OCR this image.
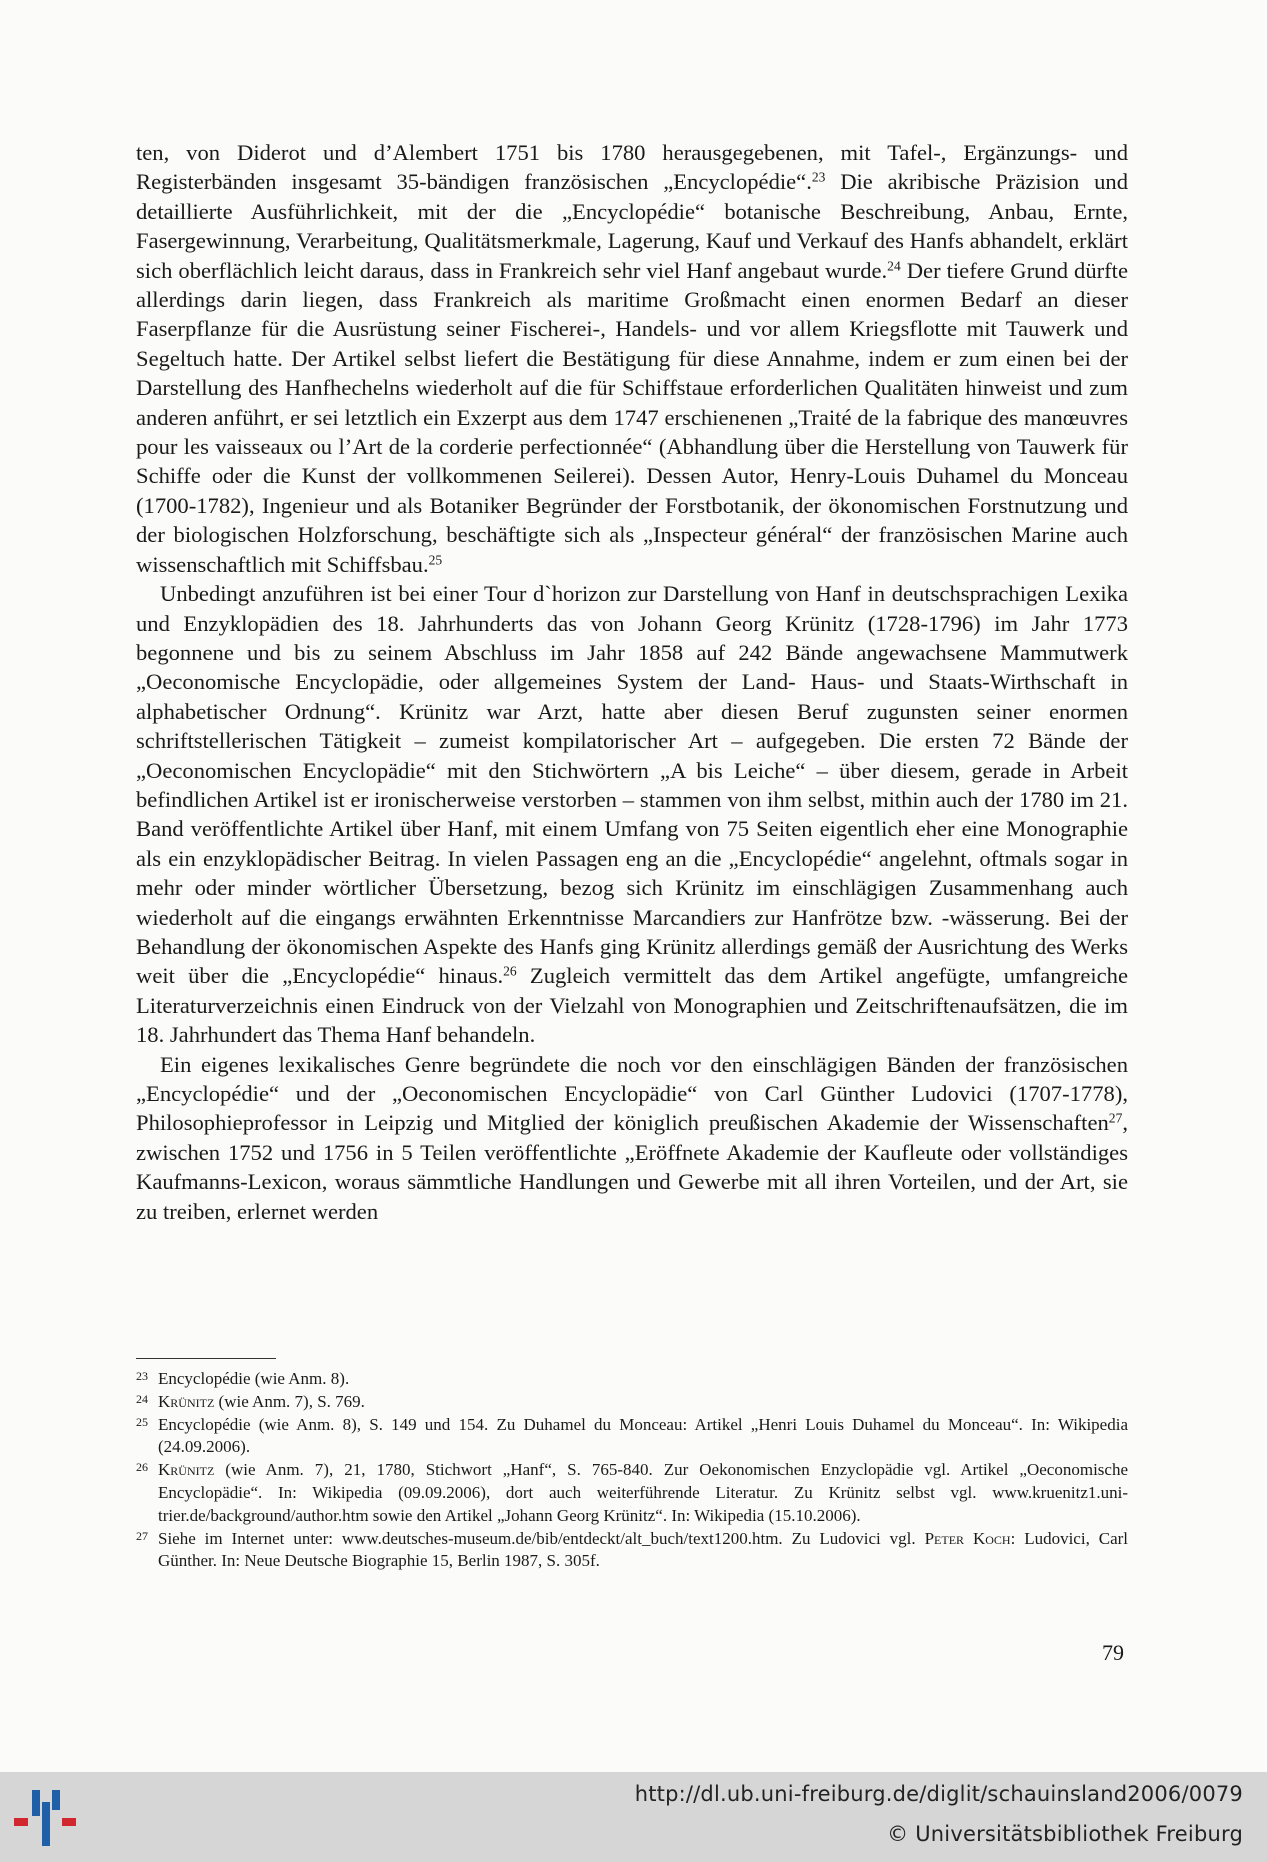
ten, von Diderot und d’Alembert 1751 bis 1780 herausgegebenen, mit Tafel-, Ergänzungs- und Registerbänden insgesamt 35-bändigen französischen „Encyclopédie“.$^{23}$ Die akribische Präzision und detaillierte Ausführlichkeit, mit der die „Encyclopédie“ botanische Beschreibung, Anbau, Ernte, Fasergewinnung, Verarbeitung, Qualitätsmerkmale, Lagerung, Kauf und Verkauf des Hanfs abhandelt, erklärt sich oberflächlich leicht daraus, dass in Frankreich sehr viel Hanf angebaut wurde.$^{24}$ Der tiefere Grund dürfte allerdings darin liegen, dass Frankreich als maritime Großmacht einen enormen Bedarf an dieser Faserpflanze für die Ausrüstung seiner Fischerei-, Handels- und vor allem Kriegsflotte mit Tauwerk und Segeltuch hatte. Der Artikel selbst liefert die Bestätigung für diese Annahme, indem er zum einen bei der Darstellung des Hanfhechelns wiederholt auf die für Schiffstaue erforderlichen Qualitäten hinweist und zum anderen anführt, er sei letztlich ein Exzerpt aus dem 1747 erschienenen „Traité de la fabrique des manœuvres pour les vaisseaux ou l’Art de la corderie perfectionnée“ (Abhandlung über die Herstellung von Tauwerk für Schiffe oder die Kunst der vollkommenen Seilerei). Dessen Autor, Henry-Louis Duhamel du Monceau (1700-1782), Ingenieur und als Botaniker Begründer der Forstbotanik, der ökonomischen Forstnutzung und der biologischen Holzforschung, beschäftigte sich als „Inspecteur général“ der französischen Marine auch wissenschaftlich mit Schiffsbau.$^{25}$

Unbedingt anzuführen ist bei einer Tour d`horizon zur Darstellung von Hanf in deutschsprachigen Lexika und Enzyklopädien des 18. Jahrhunderts das von Johann Georg Krünitz (1728-1796) im Jahr 1773 begonnene und bis zu seinem Abschluss im Jahr 1858 auf 242 Bände angewachsene Mammutwerk „Oeconomische Encyclopädie, oder allgemeines System der Land- Haus- und Staats-Wirthschaft in alphabetischer Ordnung“. Krünitz war Arzt, hatte aber diesen Beruf zugunsten seiner enormen schriftstellerischen Tätigkeit – zumeist kompilatorischer Art – aufgegeben. Die ersten 72 Bände der „Oeconomischen Encyclopädie“ mit den Stichwörtern „A bis Leiche“ – über diesem, gerade in Arbeit befindlichen Artikel ist er ironischerweise verstorben – stammen von ihm selbst, mithin auch der 1780 im 21. Band veröffentlichte Artikel über Hanf, mit einem Umfang von 75 Seiten eigentlich eher eine Monographie als ein enzyklopädischer Beitrag. In vielen Passagen eng an die „Encyclopédie“ angelehnt, oftmals sogar in mehr oder minder wörtlicher Übersetzung, bezog sich Krünitz im einschlägigen Zusammenhang auch wiederholt auf die eingangs erwähnten Erkenntnisse Marcandiers zur Hanfrötze bzw. -wässerung. Bei der Behandlung der ökonomischen Aspekte des Hanfs ging Krünitz allerdings gemäß der Ausrichtung des Werks weit über die „Encyclopédie“ hinaus.$^{26}$ Zugleich vermittelt das dem Artikel angefügte, umfangreiche Literaturverzeichnis einen Eindruck von der Vielzahl von Monographien und Zeitschriftenaufsätzen, die im 18. Jahrhundert das Thema Hanf behandeln.

Ein eigenes lexikalisches Genre begründete die noch vor den einschlägigen Bänden der französischen „Encyclopédie“ und der „Oeconomischen Encyclopädie“ von Carl Günther Ludovici (1707-1778), Philosophieprofessor in Leipzig und Mitglied der königlich preußischen Akademie der Wissenschaften$^{27}$, zwischen 1752 und 1756 in 5 Teilen veröffentlichte „Eröffnete Akademie der Kaufleute oder vollständiges Kaufmanns-Lexicon, woraus sämmtliche Handlungen und Gewerbe mit all ihren Vorteilen, und der Art, sie zu treiben, erlernet werden

23 Encyclopédie (wie Anm. 8).
24 Krünitz (wie Anm. 7), S. 769.
25 Encyclopédie (wie Anm. 8), S. 149 und 154. Zu Duhamel du Monceau: Artikel „Henri Louis Duhamel du Monceau“. In: Wikipedia (24.09.2006).
26 Krünitz (wie Anm. 7), 21, 1780, Stichwort „Hanf“, S. 765-840. Zur Oekonomischen Enzyclopädie vgl. Artikel „Oeconomische Encyclopädie“. In: Wikipedia (09.09.2006), dort auch weiterführende Literatur. Zu Krünitz selbst vgl. www.kruenitz1.uni-trier.de/background/author.htm sowie den Artikel „Johann Georg Krünitz“. In: Wikipedia (15.10.2006).
27 Siehe im Internet unter: www.deutsches-museum.de/bib/entdeckt/alt_buch/text1200.htm. Zu Ludovici vgl. Peter Koch: Ludovici, Carl Günther. In: Neue Deutsche Biographie 15, Berlin 1987, S. 305f.
79
http://dl.ub.uni-freiburg.de/diglit/schauinsland2006/0079
© Universitätsbibliothek Freiburg
